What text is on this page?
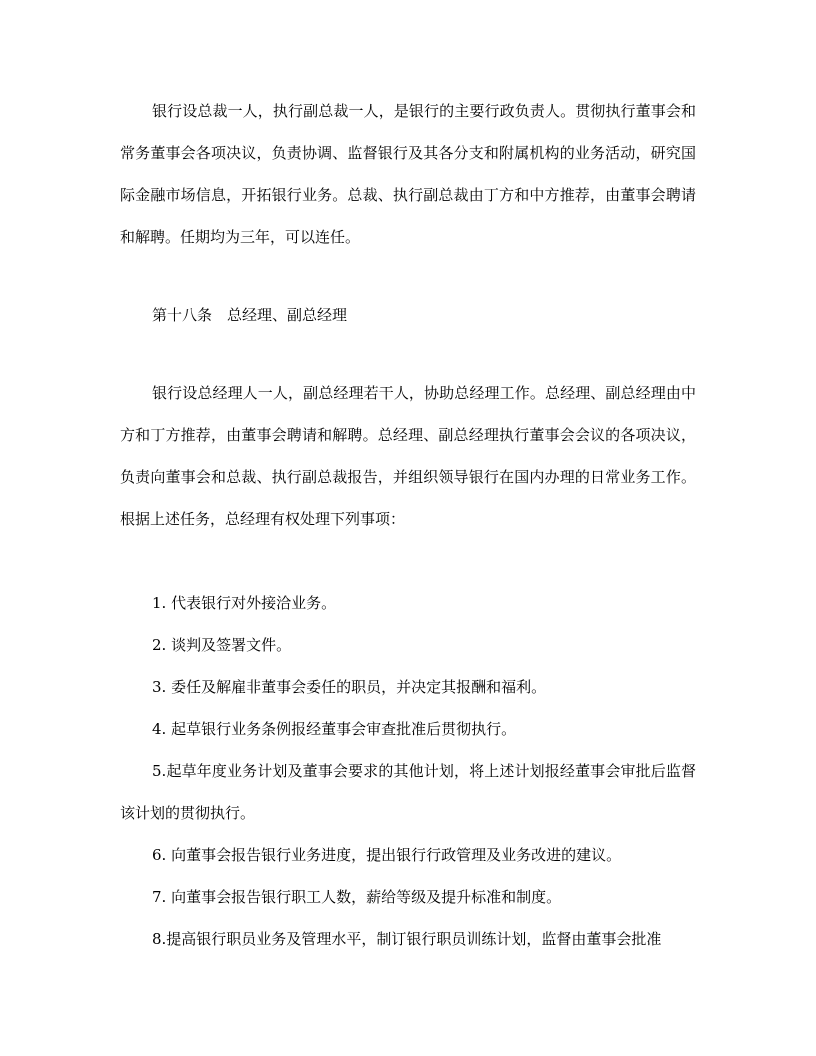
银行设总裁一人，执行副总裁一人，是银行的主要行政负责人。贯彻执行董事会和常务董事会各项决议，负责协调、监督银行及其各分支和附属机构的业务活动，研究国际金融市场信息，开拓银行业务。总裁、执行副总裁由丁方和中方推荐，由董事会聘请和解聘。任期均为三年，可以连任。

第十八条　总经理、副总经理

银行设总经理人一人，副总经理若干人，协助总经理工作。总经理、副总经理由中方和丁方推荐，由董事会聘请和解聘。总经理、副总经理执行董事会会议的各项决议，负责向董事会和总裁、执行副总裁报告，并组织领导银行在国内办理的日常业务工作。根据上述任务，总经理有权处理下列事项：

1. 代表银行对外接洽业务。

2. 谈判及签署文件。

3. 委任及解雇非董事会委任的职员，并决定其报酬和福利。

4. 起草银行业务条例报经董事会审查批准后贯彻执行。

5.起草年度业务计划及董事会要求的其他计划，将上述计划报经董事会审批后监督该计划的贯彻执行。

6. 向董事会报告银行业务进度，提出银行行政管理及业务改进的建议。

7. 向董事会报告银行职工人数，薪给等级及提升标准和制度。

8.提高银行职员业务及管理水平，制订银行职员训练计划，监督由董事会批准
